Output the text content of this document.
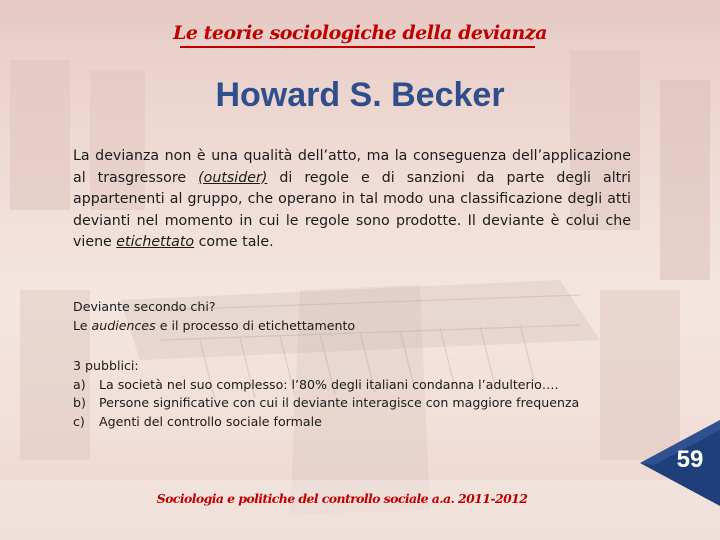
Le teorie sociologiche della devianza
Howard S. Becker
La devianza non è una qualità dell’atto, ma la conseguenza dell’applicazione al trasgressore (outsider) di regole e di sanzioni da parte degli altri appartenenti al gruppo, che operano in tal modo una classificazione degli atti devianti nel momento in cui le regole sono prodotte. Il deviante è colui che viene etichettato come tale.
Deviante secondo chi?
Le audiences e il processo di etichettamento
3 pubblici:
a)	La società nel suo complesso: l’80% degli italiani condanna l’adulterio….
b)	Persone significative con cui il deviante interagisce con maggiore frequenza
c)	Agenti del controllo sociale formale
Sociologia e politiche del controllo sociale a.a. 2011-2012
59
